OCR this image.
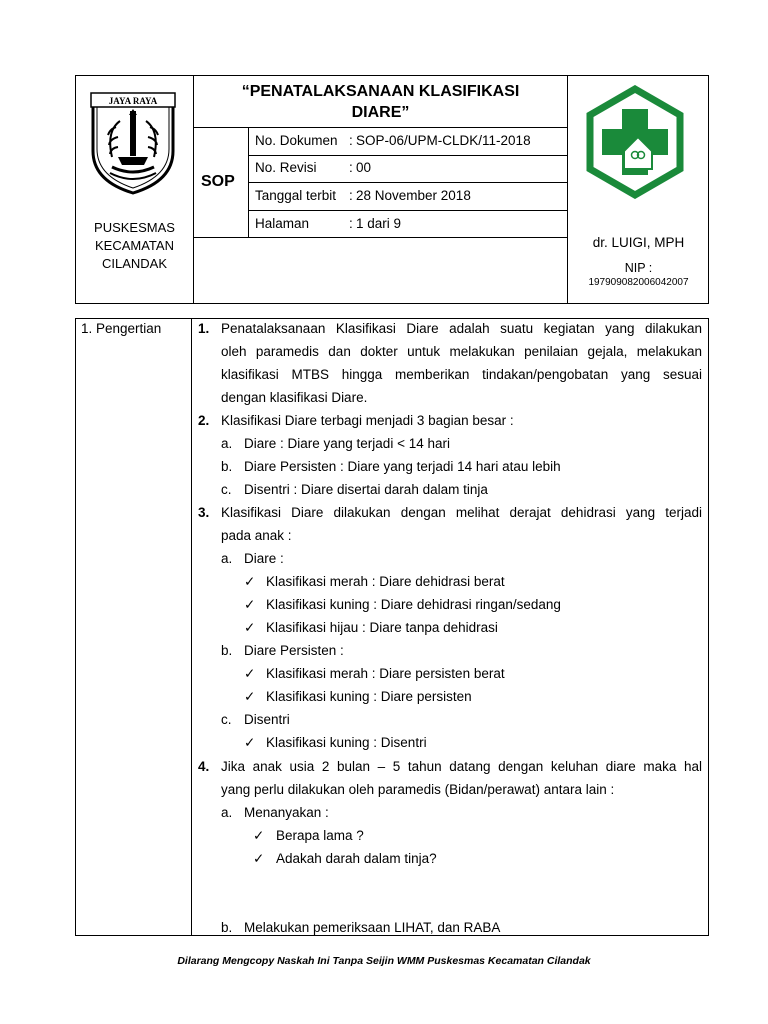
JAYA RAYA
PUSKESMAS
KECAMATAN
CILANDAK
“PENATALAKSANAAN KLASIFIKASI
DIARE”
SOP
No. Dokumen : SOP-06/UPM-CLDK/11-2018
No. Revisi : 00
Tanggal terbit : 28 November 2018
Halaman	: 1 dari 9
dr. LUIGI, MPH
NIP :
197909082006042007
1. Pengertian	1. Penatalaksanaan Klasifikasi Diare adalah suatu kegiatan yang dilakukan
oleh paramedis dan dokter untuk melakukan penilaian gejala, melakukan
klasifikasi MTBS hingga memberikan tindakan/pengobatan yang sesuai
dengan klasifikasi Diare.
2. Klasifikasi Diare terbagi menjadi 3 bagian besar :
a. Diare : Diare yang terjadi < 14 hari
b. Diare Persisten : Diare yang terjadi 14 hari atau lebih
c. Disentri : Diare disertai darah dalam tinja
3. Klasifikasi Diare dilakukan dengan melihat derajat dehidrasi yang terjadi
pada anak :
a. Diare :
✓ Klasifikasi merah : Diare dehidrasi berat
✓ Klasifikasi kuning : Diare dehidrasi ringan/sedang
✓ Klasifikasi hijau : Diare tanpa dehidrasi
b. Diare Persisten :
✓ Klasifikasi merah : Diare persisten berat
✓ Klasifikasi kuning : Diare persisten
c. Disentri
✓ Klasifikasi kuning : Disentri
4. Jika anak usia 2 bulan – 5 tahun datang dengan keluhan diare maka hal
yang perlu dilakukan oleh paramedis (Bidan/perawat) antara lain :
a. Menanyakan :
✓ Berapa lama ?
✓ Adakah darah dalam tinja?
b. Melakukan pemeriksaan LIHAT, dan RABA
Dilarang Mengcopy Naskah Ini Tanpa Seijin WMM Puskesmas Kecamatan Cilandak
